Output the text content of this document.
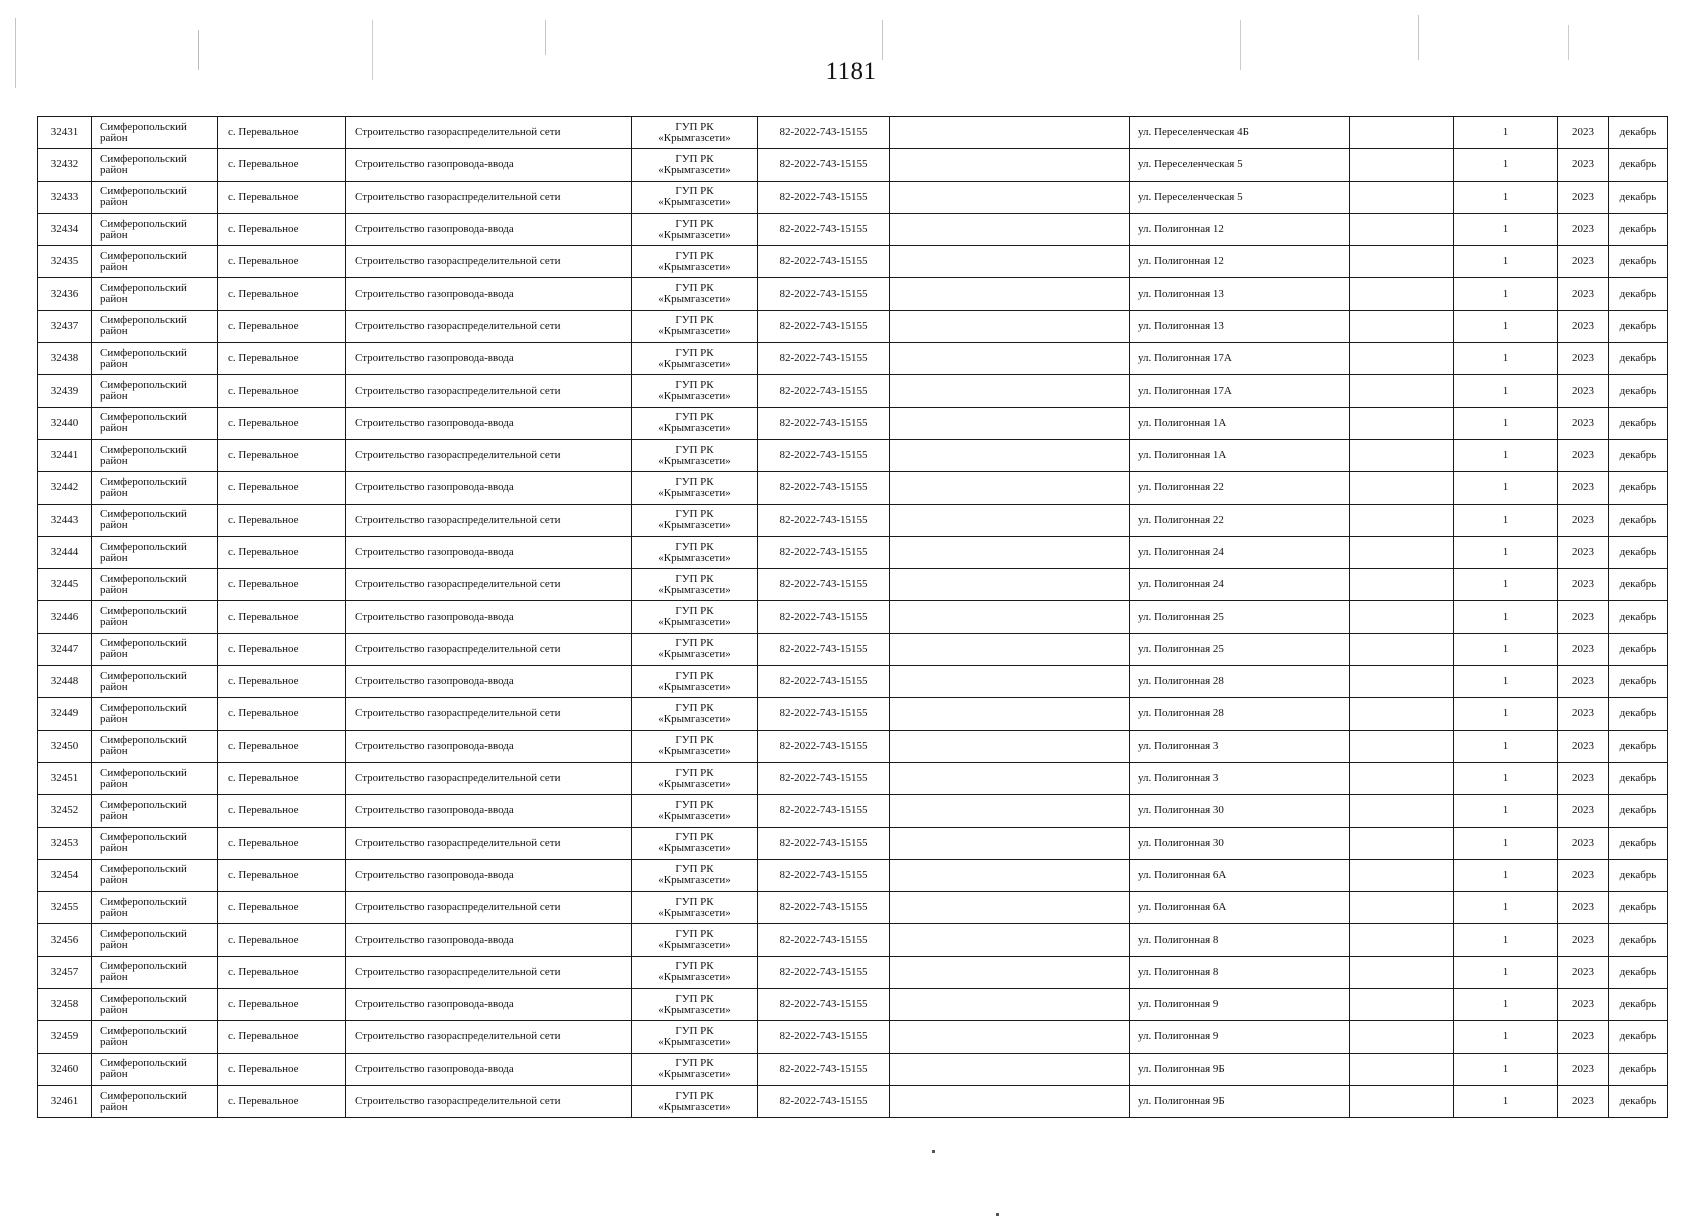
1181
32431	Симферопольский район	с. Перевальное	Строительство газораспределительной сети	ГУП РК
«Крымгазсети»	82-2022-743-15155		ул. Переселенческая 4Б		1	2023	декабрь
32432	Симферопольский район	с. Перевальное	Строительство газопровода-ввода	ГУП РК
«Крымгазсети»	82-2022-743-15155		ул. Переселенческая 5		1	2023	декабрь
32433	Симферопольский район	с. Перевальное	Строительство газораспределительной сети	ГУП РК
«Крымгазсети»	82-2022-743-15155		ул. Переселенческая 5		1	2023	декабрь
32434	Симферопольский район	с. Перевальное	Строительство газопровода-ввода	ГУП РК
«Крымгазсети»	82-2022-743-15155		ул. Полигонная 12		1	2023	декабрь
32435	Симферопольский район	с. Перевальное	Строительство газораспределительной сети	ГУП РК
«Крымгазсети»	82-2022-743-15155		ул. Полигонная 12		1	2023	декабрь
32436	Симферопольский район	с. Перевальное	Строительство газопровода-ввода	ГУП РК
«Крымгазсети»	82-2022-743-15155		ул. Полигонная 13		1	2023	декабрь
32437	Симферопольский район	с. Перевальное	Строительство газораспределительной сети	ГУП РК
«Крымгазсети»	82-2022-743-15155		ул. Полигонная 13		1	2023	декабрь
32438	Симферопольский район	с. Перевальное	Строительство газопровода-ввода	ГУП РК
«Крымгазсети»	82-2022-743-15155		ул. Полигонная 17А		1	2023	декабрь
32439	Симферопольский район	с. Перевальное	Строительство газораспределительной сети	ГУП РК
«Крымгазсети»	82-2022-743-15155		ул. Полигонная 17А		1	2023	декабрь
32440	Симферопольский район	с. Перевальное	Строительство газопровода-ввода	ГУП РК
«Крымгазсети»	82-2022-743-15155		ул. Полигонная 1А		1	2023	декабрь
32441	Симферопольский район	с. Перевальное	Строительство газораспределительной сети	ГУП РК
«Крымгазсети»	82-2022-743-15155		ул. Полигонная 1А		1	2023	декабрь
32442	Симферопольский район	с. Перевальное	Строительство газопровода-ввода	ГУП РК
«Крымгазсети»	82-2022-743-15155		ул. Полигонная 22		1	2023	декабрь
32443	Симферопольский район	с. Перевальное	Строительство газораспределительной сети	ГУП РК
«Крымгазсети»	82-2022-743-15155		ул. Полигонная 22		1	2023	декабрь
32444	Симферопольский район	с. Перевальное	Строительство газопровода-ввода	ГУП РК
«Крымгазсети»	82-2022-743-15155		ул. Полигонная 24		1	2023	декабрь
32445	Симферопольский район	с. Перевальное	Строительство газораспределительной сети	ГУП РК
«Крымгазсети»	82-2022-743-15155		ул. Полигонная 24		1	2023	декабрь
32446	Симферопольский район	с. Перевальное	Строительство газопровода-ввода	ГУП РК
«Крымгазсети»	82-2022-743-15155		ул. Полигонная 25		1	2023	декабрь
32447	Симферопольский район	с. Перевальное	Строительство газораспределительной сети	ГУП РК
«Крымгазсети»	82-2022-743-15155		ул. Полигонная 25		1	2023	декабрь
32448	Симферопольский район	с. Перевальное	Строительство газопровода-ввода	ГУП РК
«Крымгазсети»	82-2022-743-15155		ул. Полигонная 28		1	2023	декабрь
32449	Симферопольский район	с. Перевальное	Строительство газораспределительной сети	ГУП РК
«Крымгазсети»	82-2022-743-15155		ул. Полигонная 28		1	2023	декабрь
32450	Симферопольский район	с. Перевальное	Строительство газопровода-ввода	ГУП РК
«Крымгазсети»	82-2022-743-15155		ул. Полигонная 3		1	2023	декабрь
32451	Симферопольский район	с. Перевальное	Строительство газораспределительной сети	ГУП РК
«Крымгазсети»	82-2022-743-15155		ул. Полигонная 3		1	2023	декабрь
32452	Симферопольский район	с. Перевальное	Строительство газопровода-ввода	ГУП РК
«Крымгазсети»	82-2022-743-15155		ул. Полигонная 30		1	2023	декабрь
32453	Симферопольский район	с. Перевальное	Строительство газораспределительной сети	ГУП РК
«Крымгазсети»	82-2022-743-15155		ул. Полигонная 30		1	2023	декабрь
32454	Симферопольский район	с. Перевальное	Строительство газопровода-ввода	ГУП РК
«Крымгазсети»	82-2022-743-15155		ул. Полигонная 6А		1	2023	декабрь
32455	Симферопольский район	с. Перевальное	Строительство газораспределительной сети	ГУП РК
«Крымгазсети»	82-2022-743-15155		ул. Полигонная 6А		1	2023	декабрь
32456	Симферопольский район	с. Перевальное	Строительство газопровода-ввода	ГУП РК
«Крымгазсети»	82-2022-743-15155		ул. Полигонная 8		1	2023	декабрь
32457	Симферопольский район	с. Перевальное	Строительство газораспределительной сети	ГУП РК
«Крымгазсети»	82-2022-743-15155		ул. Полигонная 8		1	2023	декабрь
32458	Симферопольский район	с. Перевальное	Строительство газопровода-ввода	ГУП РК
«Крымгазсети»	82-2022-743-15155		ул. Полигонная 9		1	2023	декабрь
32459	Симферопольский район	с. Перевальное	Строительство газораспределительной сети	ГУП РК
«Крымгазсети»	82-2022-743-15155		ул. Полигонная 9		1	2023	декабрь
32460	Симферопольский район	с. Перевальное	Строительство газопровода-ввода	ГУП РК
«Крымгазсети»	82-2022-743-15155		ул. Полигонная 9Б		1	2023	декабрь
32461	Симферопольский район	с. Перевальное	Строительство газораспределительной сети	ГУП РК
«Крымгазсети»	82-2022-743-15155		ул. Полигонная 9Б		1	2023	декабрь
